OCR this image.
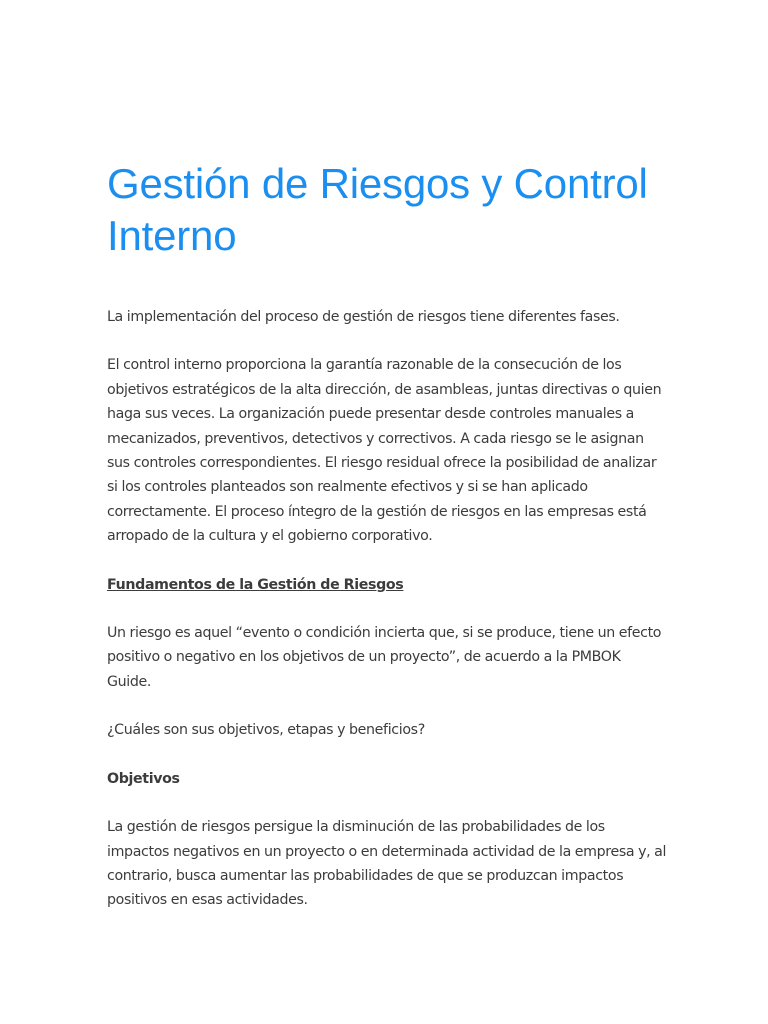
Gestión de Riesgos y Control Interno

La implementación del proceso de gestión de riesgos tiene diferentes fases.

El control interno proporciona la garantía razonable de la consecución de los objetivos estratégicos de la alta dirección, de asambleas, juntas directivas o quien haga sus veces. La organización puede presentar desde controles manuales a mecanizados, preventivos, detectivos y correctivos. A cada riesgo se le asignan sus controles correspondientes. El riesgo residual ofrece la posibilidad de analizar si los controles planteados son realmente efectivos y si se han aplicado correctamente. El proceso íntegro de la gestión de riesgos en las empresas está arropado de la cultura y el gobierno corporativo.

Fundamentos de la Gestión de Riesgos

Un riesgo es aquel “evento o condición incierta que, si se produce, tiene un efecto positivo o negativo en los objetivos de un proyecto”, de acuerdo a la PMBOK Guide.

¿Cuáles son sus objetivos, etapas y beneficios?

Objetivos

La gestión de riesgos persigue la disminución de las probabilidades de los impactos negativos en un proyecto o en determinada actividad de la empresa y, al contrario, busca aumentar las probabilidades de que se produzcan impactos positivos en esas actividades.
